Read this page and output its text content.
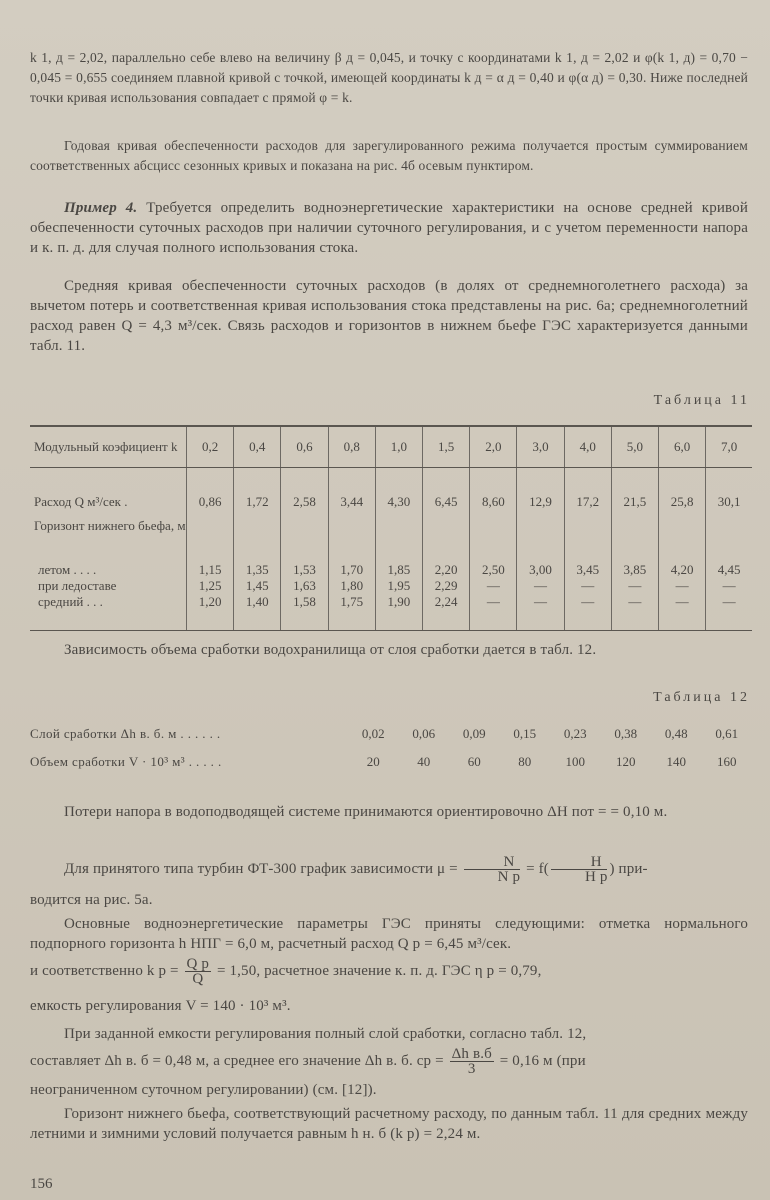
k 1, д = 2,02, параллельно себе влево на величину β д = 0,045, и точку с координатами k 1, д = 2,02 и φ(k 1, д) = 0,70 − 0,045 = 0,655 соединяем плавной кривой с точкой, имеющей координаты k д = α д = 0,40 и φ(α д) = 0,30. Ниже последней точки кривая использования совпадает с прямой φ = k.

Годовая кривая обеспеченности расходов для зарегулированного режима получается простым суммированием соответственных абсцисс сезонных кривых и показана на рис. 4б осевым пунктиром.

Пример 4. Требуется определить водноэнергетические характеристики на основе средней кривой обеспеченности суточных расходов при наличии суточного регулирования, и с учетом переменности напора и к. п. д. для случая полного использования стока.

Средняя кривая обеспеченности суточных расходов (в долях от среднемноголетнего расхода) за вычетом потерь и соответственная кривая использования стока представлены на рис. 6а; среднемноголетний расход равен Q = 4,3 м³/сек. Связь расходов и горизонтов в нижнем бьефе ГЭС характеризуется данными табл. 11.

Таблица 11

Модульный коэфициент k	0,2	0,4	0,6	0,8	1,0	1,5	2,0	3,0	4,0	5,0	6,0	7,0
Расход Q м³/сек .	0,86	1,72	2,58	3,44	4,30	6,45	8,60	12,9	17,2	21,5	25,8	30,1
Горизонт нижнего бьефа, м												
летом . . . .	1,15	1,35	1,53	1,70	1,85	2,20	2,50	3,00	3,45	3,85	4,20	4,45
при ледоставе	1,25	1,45	1,63	1,80	1,95	2,29	—	—	—	—	—	—
средний . . .	1,20	1,40	1,58	1,75	1,90	2,24	—	—	—	—	—	—

Зависимость объема сработки водохранилища от слоя сработки дается в табл. 12.

Таблица 12

Слой сработки Δh в. б. м . . . . . .	0,02	0,06	0,09	0,15	0,23	0,38	0,48	0,61
Объем сработки V · 10³ м³ . . . . .	20	40	60	80	100	120	140	160

Потери напора в водоподводящей системе принимаются ориентировочно ΔH пот = = 0,10 м.

Для принятого типа турбин ФТ-300 график зависимости $\mu = \frac{N}{\text{N р}} = f( \frac{H}{\text{H р}}$ ) при-

водится на рис. 5а.

Основные водноэнергетические параметры ГЭС приняты следующими: отметка нормального подпорного горизонта h НПГ = 6,0 м, расчетный расход Q р = 6,45 м³/сек.

и соответственно k $р = \frac{\text{Q р}}{Q} = 1,50$, расчетное значение к. п. д. ГЭС η р = 0,79,

емкость регулирования V = 140 · 10³ м³.

При заданной емкости регулирования полный слой сработки, согласно табл. 12,

составляет Δh в. б = 0,48 м, а среднее его значение Δh в. б. ср = $\frac{\text{Δh в.б}}{3} = 0,16$ м (при

неограниченном суточном регулировании) (см. [12]).

Горизонт нижнего бьефа, соответствующий расчетному расходу, по данным табл. 11 для средних между летними и зимними условий получается равным h н. б (k р) = 2,24 м.

156
